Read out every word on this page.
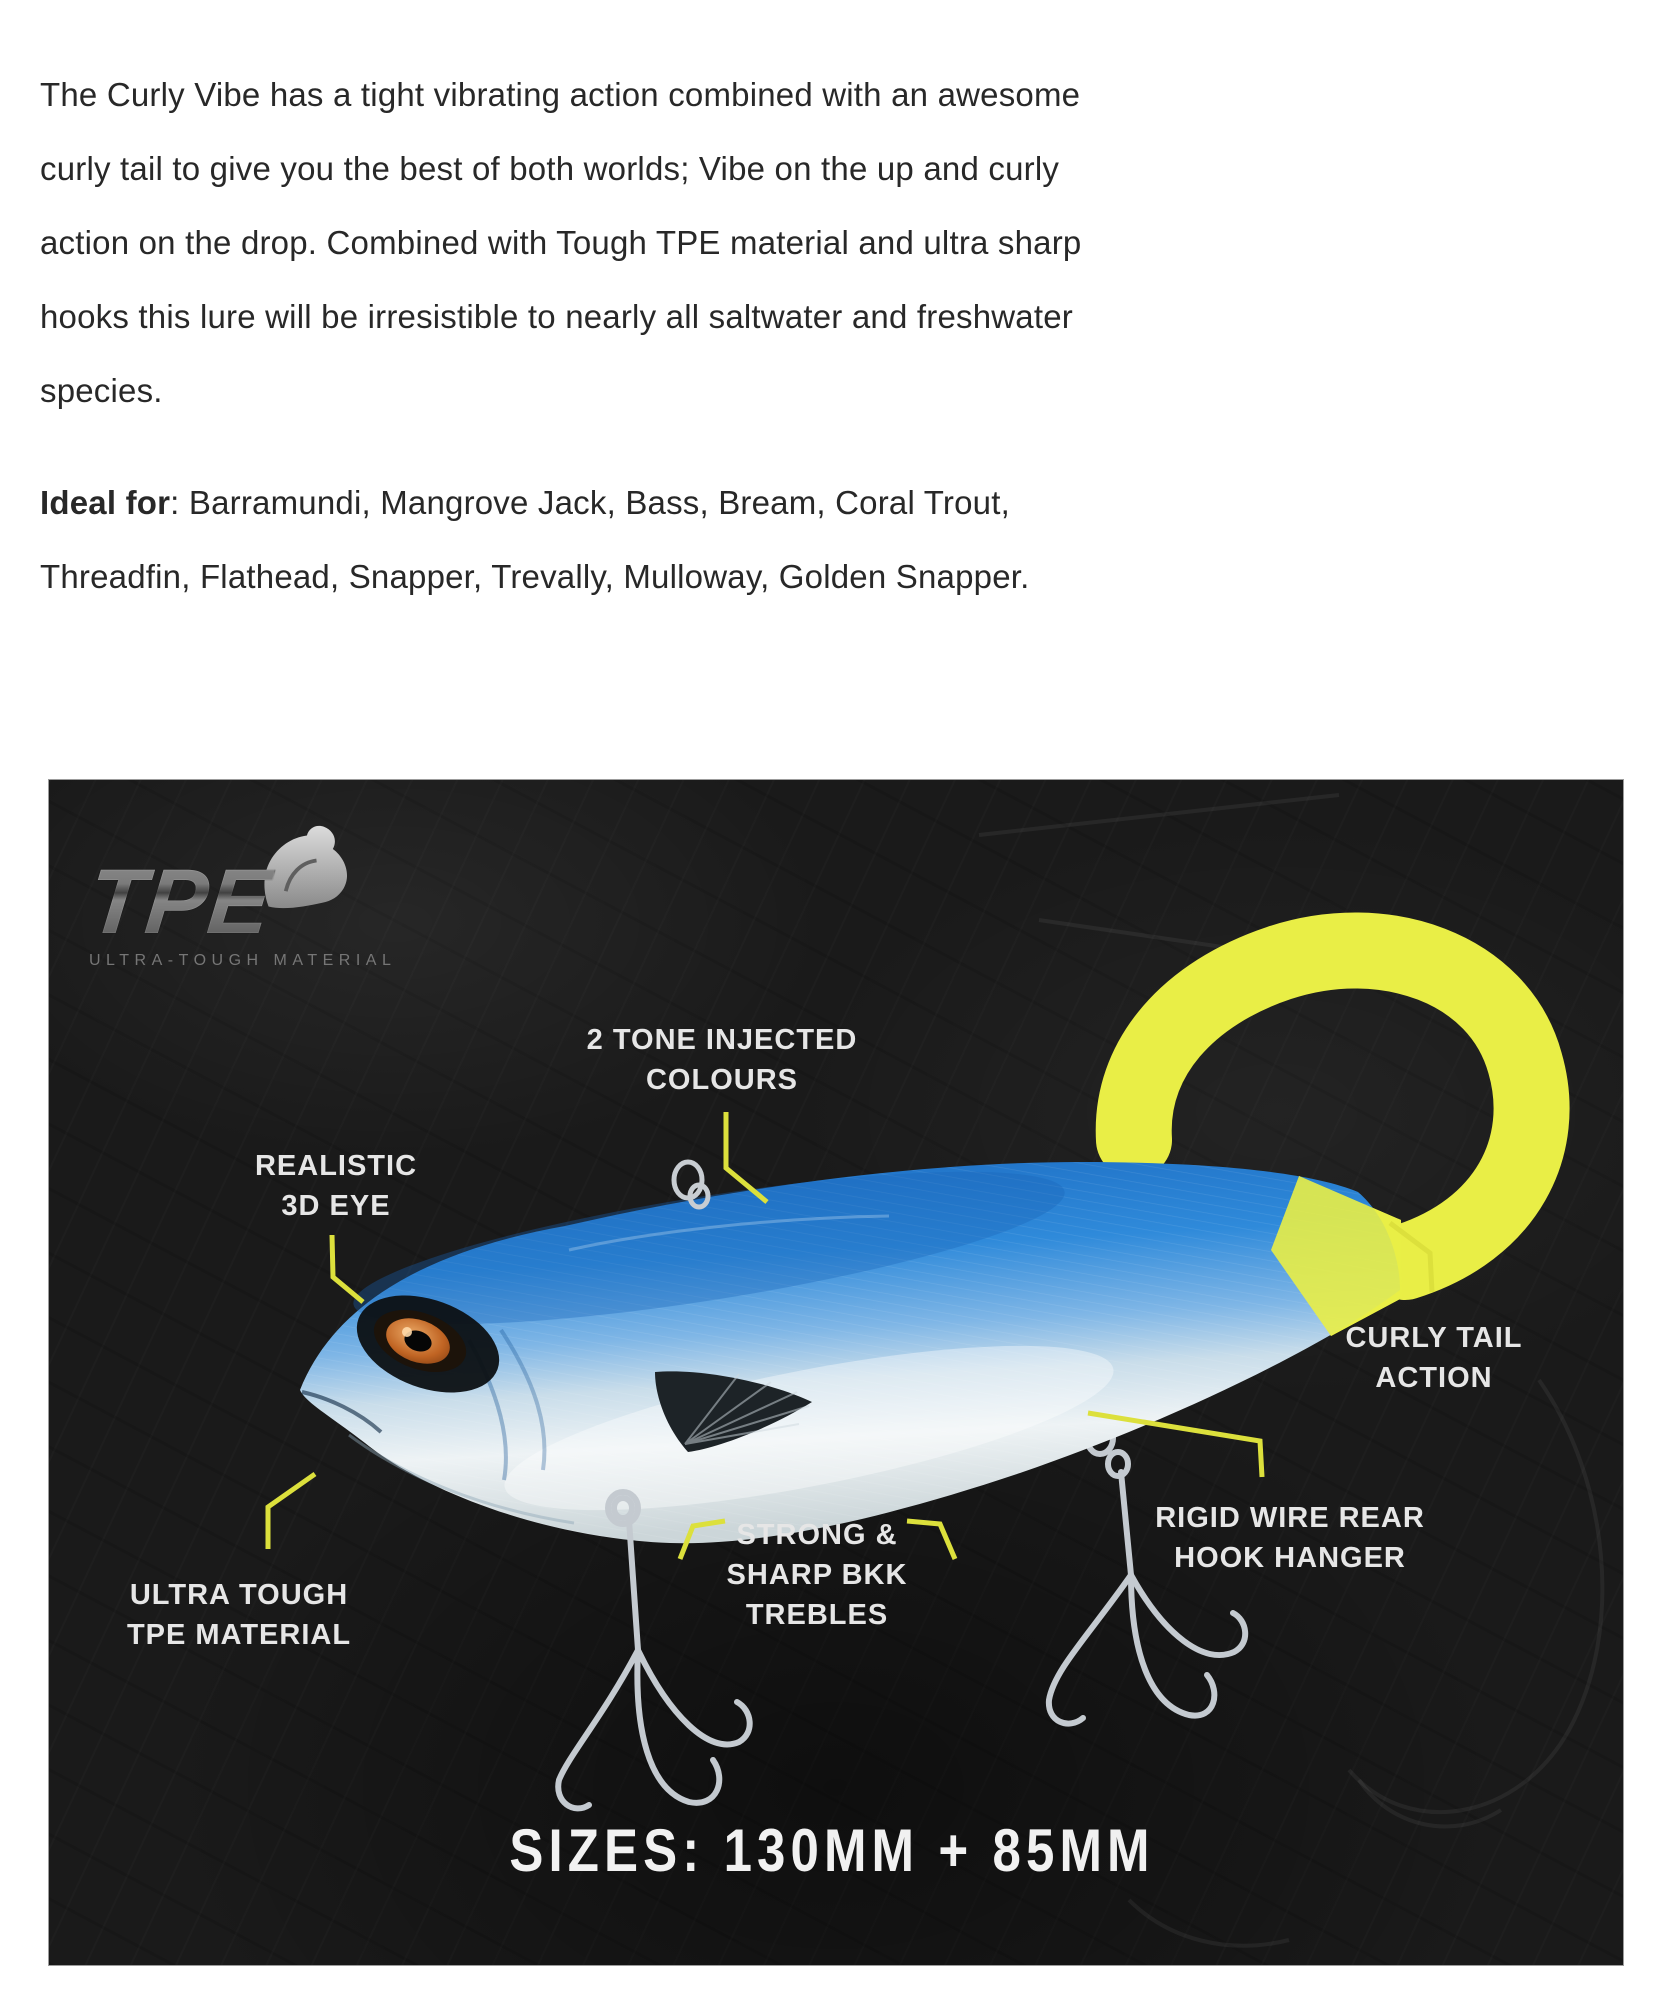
The Curly Vibe has a tight vibrating action combined with an awesome
curly tail to give you the best of both worlds; Vibe on the up and curly
action on the drop. Combined with Tough TPE material and ultra sharp
hooks this lure will be irresistible to nearly all saltwater and freshwater
species.
Ideal for: Barramundi, Mangrove Jack, Bass, Bream, Coral Trout,
Threadfin, Flathead, Snapper, Trevally, Mulloway, Golden Snapper.
TPE
ULTRA-TOUGH MATERIAL
2 TONE INJECTED
COLOURS
REALISTIC
3D EYE
CURLY TAIL
ACTION
RIGID WIRE REAR
HOOK HANGER
STRONG &
SHARP BKK
TREBLES
ULTRA TOUGH
TPE MATERIAL
SIZES: 130MM + 85MM
